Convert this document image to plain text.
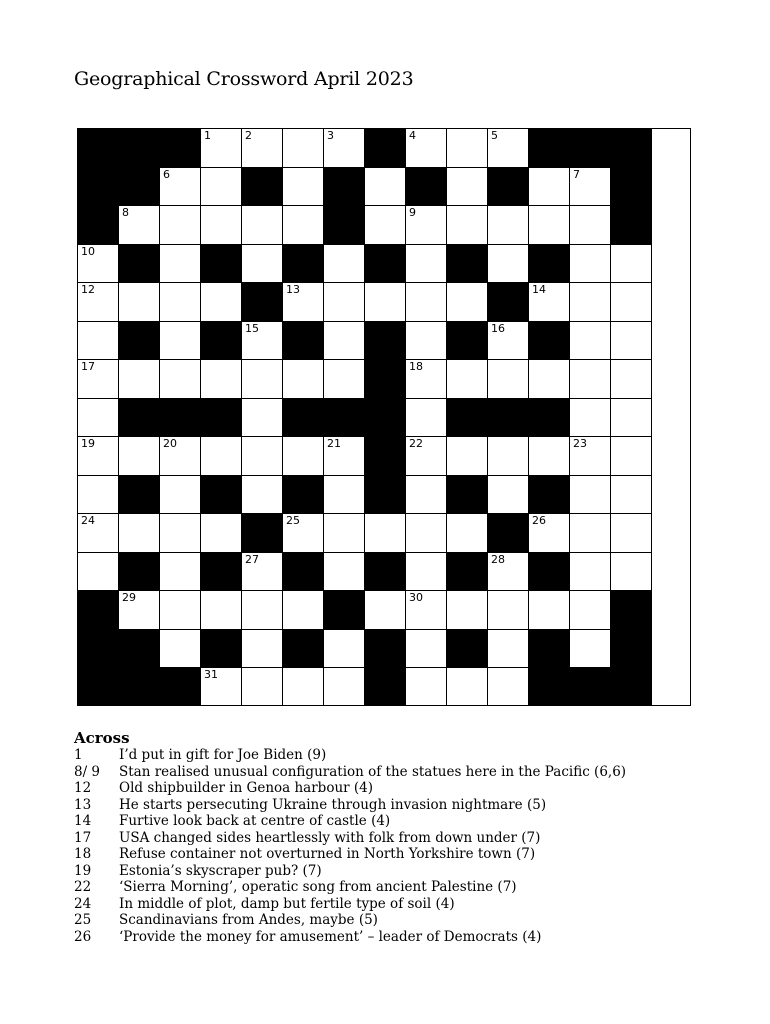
Geographical Crossword April 2023
1	2	3	4	5
6	7
8	9
10
12	13	14
15	16
17	18
19	20	21	22	23
24	25	26
27	28
29	30
31
Across
1	I’d put in gift for Joe Biden (9)
8/ 9	Stan realised unusual configuration of the statues here in the Pacific (6,6)
12	Old shipbuilder in Genoa harbour (4)
13	He starts persecuting Ukraine through invasion nightmare (5)
14	Furtive look back at centre of castle (4)
17	USA changed sides heartlessly with folk from down under (7)
18	Refuse container not overturned in North Yorkshire town (7)
19	Estonia’s skyscraper pub? (7)
22	‘Sierra Morning’, operatic song from ancient Palestine (7)
24	In middle of plot, damp but fertile type of soil (4)
25	Scandinavians from Andes, maybe (5)
26	‘Provide the money for amusement’ – leader of Democrats (4)
